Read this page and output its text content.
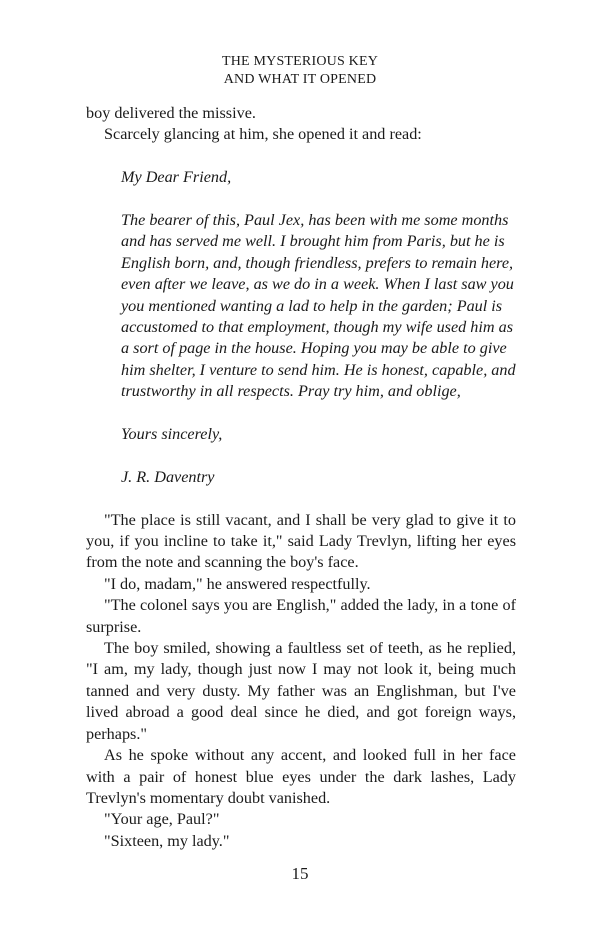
THE MYSTERIOUS KEY
AND WHAT IT OPENED

boy delivered the missive.

Scarcely glancing at him, she opened it and read:

My Dear Friend,

The bearer of this, Paul Jex, has been with me some months and has served me well. I brought him from Paris, but he is English born, and, though friendless, prefers to remain here, even after we leave, as we do in a week. When I last saw you you mentioned wanting a lad to help in the garden; Paul is accustomed to that employment, though my wife used him as a sort of page in the house. Hoping you may be able to give him shelter, I venture to send him. He is honest, capable, and trustworthy in all respects. Pray try him, and oblige,

Yours sincerely,

J. R. Daventry

"The place is still vacant, and I shall be very glad to give it to you, if you incline to take it," said Lady Trevlyn, lifting her eyes from the note and scanning the boy's face.

"I do, madam," he answered respectfully.

"The colonel says you are English," added the lady, in a tone of surprise.

The boy smiled, showing a faultless set of teeth, as he replied, "I am, my lady, though just now I may not look it, being much tanned and very dusty. My father was an Englishman, but I've lived abroad a good deal since he died, and got foreign ways, perhaps."

As he spoke without any accent, and looked full in her face with a pair of honest blue eyes under the dark lashes, Lady Trevlyn's momentary doubt vanished.

"Your age, Paul?"

"Sixteen, my lady."

15
